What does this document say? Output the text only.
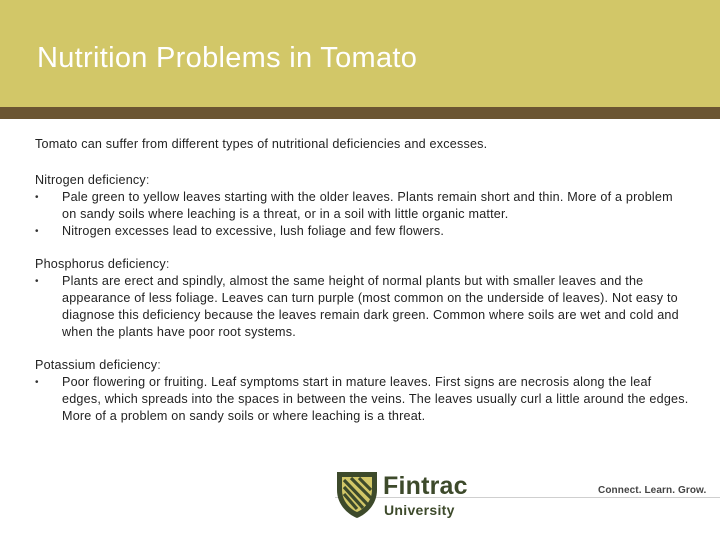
Nutrition Problems in Tomato

Tomato can suffer from different types of nutritional deficiencies and excesses.

Nitrogen deficiency:

• Pale green to yellow leaves starting with the older leaves. Plants remain short and thin. More of a problem on sandy soils where leaching is a threat, or in a soil with little organic matter.
• Nitrogen excesses lead to excessive, lush foliage and few flowers.

Phosphorus deficiency:

• Plants are erect and spindly, almost the same height of normal plants but with smaller leaves and the appearance of less foliage. Leaves can turn purple (most common on the underside of leaves). Not easy to diagnose this deficiency because the leaves remain dark green. Common where soils are wet and cold and when the plants have poor root systems.

Potassium deficiency:

• Poor flowering or fruiting. Leaf symptoms start in mature leaves. First signs are necrosis along the leaf edges, which spreads into the spaces in between the veins. The leaves usually curl a little around the edges. More of a problem on sandy soils or where leaching is a threat.

Fintrac

University

Connect. Learn. Grow.
